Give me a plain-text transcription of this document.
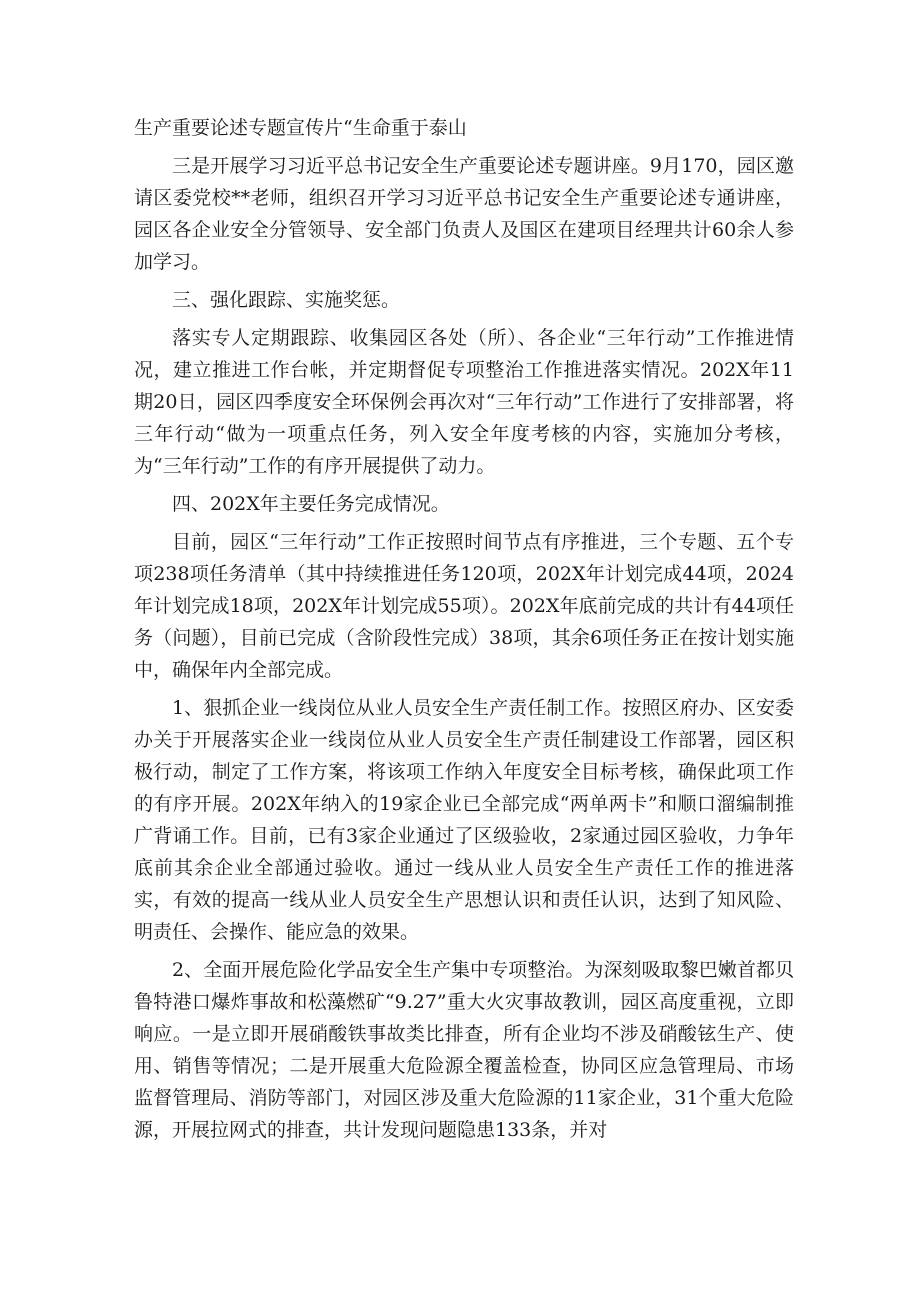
生产重要论述专题宣传片“生命重于泰山

三是开展学习习近平总书记安全生产重要论述专题讲座。9月170，园区邀请区委党校**老师，组织召开学习习近平总书记安全生产重要论述专通讲座，园区各企业安全分管领导、安全部门负责人及国区在建项目经理共计60余人参加学习。

三、强化跟踪、实施奖惩。

落实专人定期跟踪、收集园区各处（所）、各企业“三年行动”工作推进情况，建立推进工作台帐，并定期督促专项整治工作推进落实情况。202X年11期20日，园区四季度安全环保例会再次对“三年行动”工作进行了安排部署，将三年行动“做为一项重点任务，列入安全年度考核的内容，实施加分考核，为“三年行动”工作的有序开展提供了动力。

四、202X年主要任务完成情况。

目前，园区“三年行动”工作正按照时间节点有序推进，三个专题、五个专项238项任务清单（其中持续推进任务120项，202X年计划完成44项，2024年计划完成18项，202X年计划完成55项）。202X年底前完成的共计有44项任务（问题），目前已完成（含阶段性完成）38项，其余6项任务正在按计划实施中，确保年内全部完成。

1、狠抓企业一线岗位从业人员安全生产责任制工作。按照区府办、区安委办关于开展落实企业一线岗位从业人员安全生产责任制建设工作部署，园区积极行动，制定了工作方案，将该项工作纳入年度安全目标考核，确保此项工作的有序开展。202X年纳入的19家企业已全部完成“两单两卡”和顺口溜编制推广背诵工作。目前，已有3家企业通过了区级验收，2家通过园区验收，力争年底前其余企业全部通过验收。通过一线从业人员安全生产责任工作的推进落实，有效的提高一线从业人员安全生产思想认识和责任认识，达到了知风险、明责任、会操作、能应急的效果。

2、全面开展危险化学品安全生产集中专项整治。为深刻吸取黎巴嫩首都贝鲁特港口爆炸事故和松藻燃矿“9.27”重大火灾事故教训，园区高度重视，立即响应。一是立即开展硝酸铁事故类比排查，所有企业均不涉及硝酸铉生产、使用、销售等情况；二是开展重大危险源全覆盖检查，协同区应急管理局、市场监督管理局、消防等部门，对园区涉及重大危险源的11家企业，31个重大危险源，开展拉网式的排查，共计发现问题隐患133条，并对
